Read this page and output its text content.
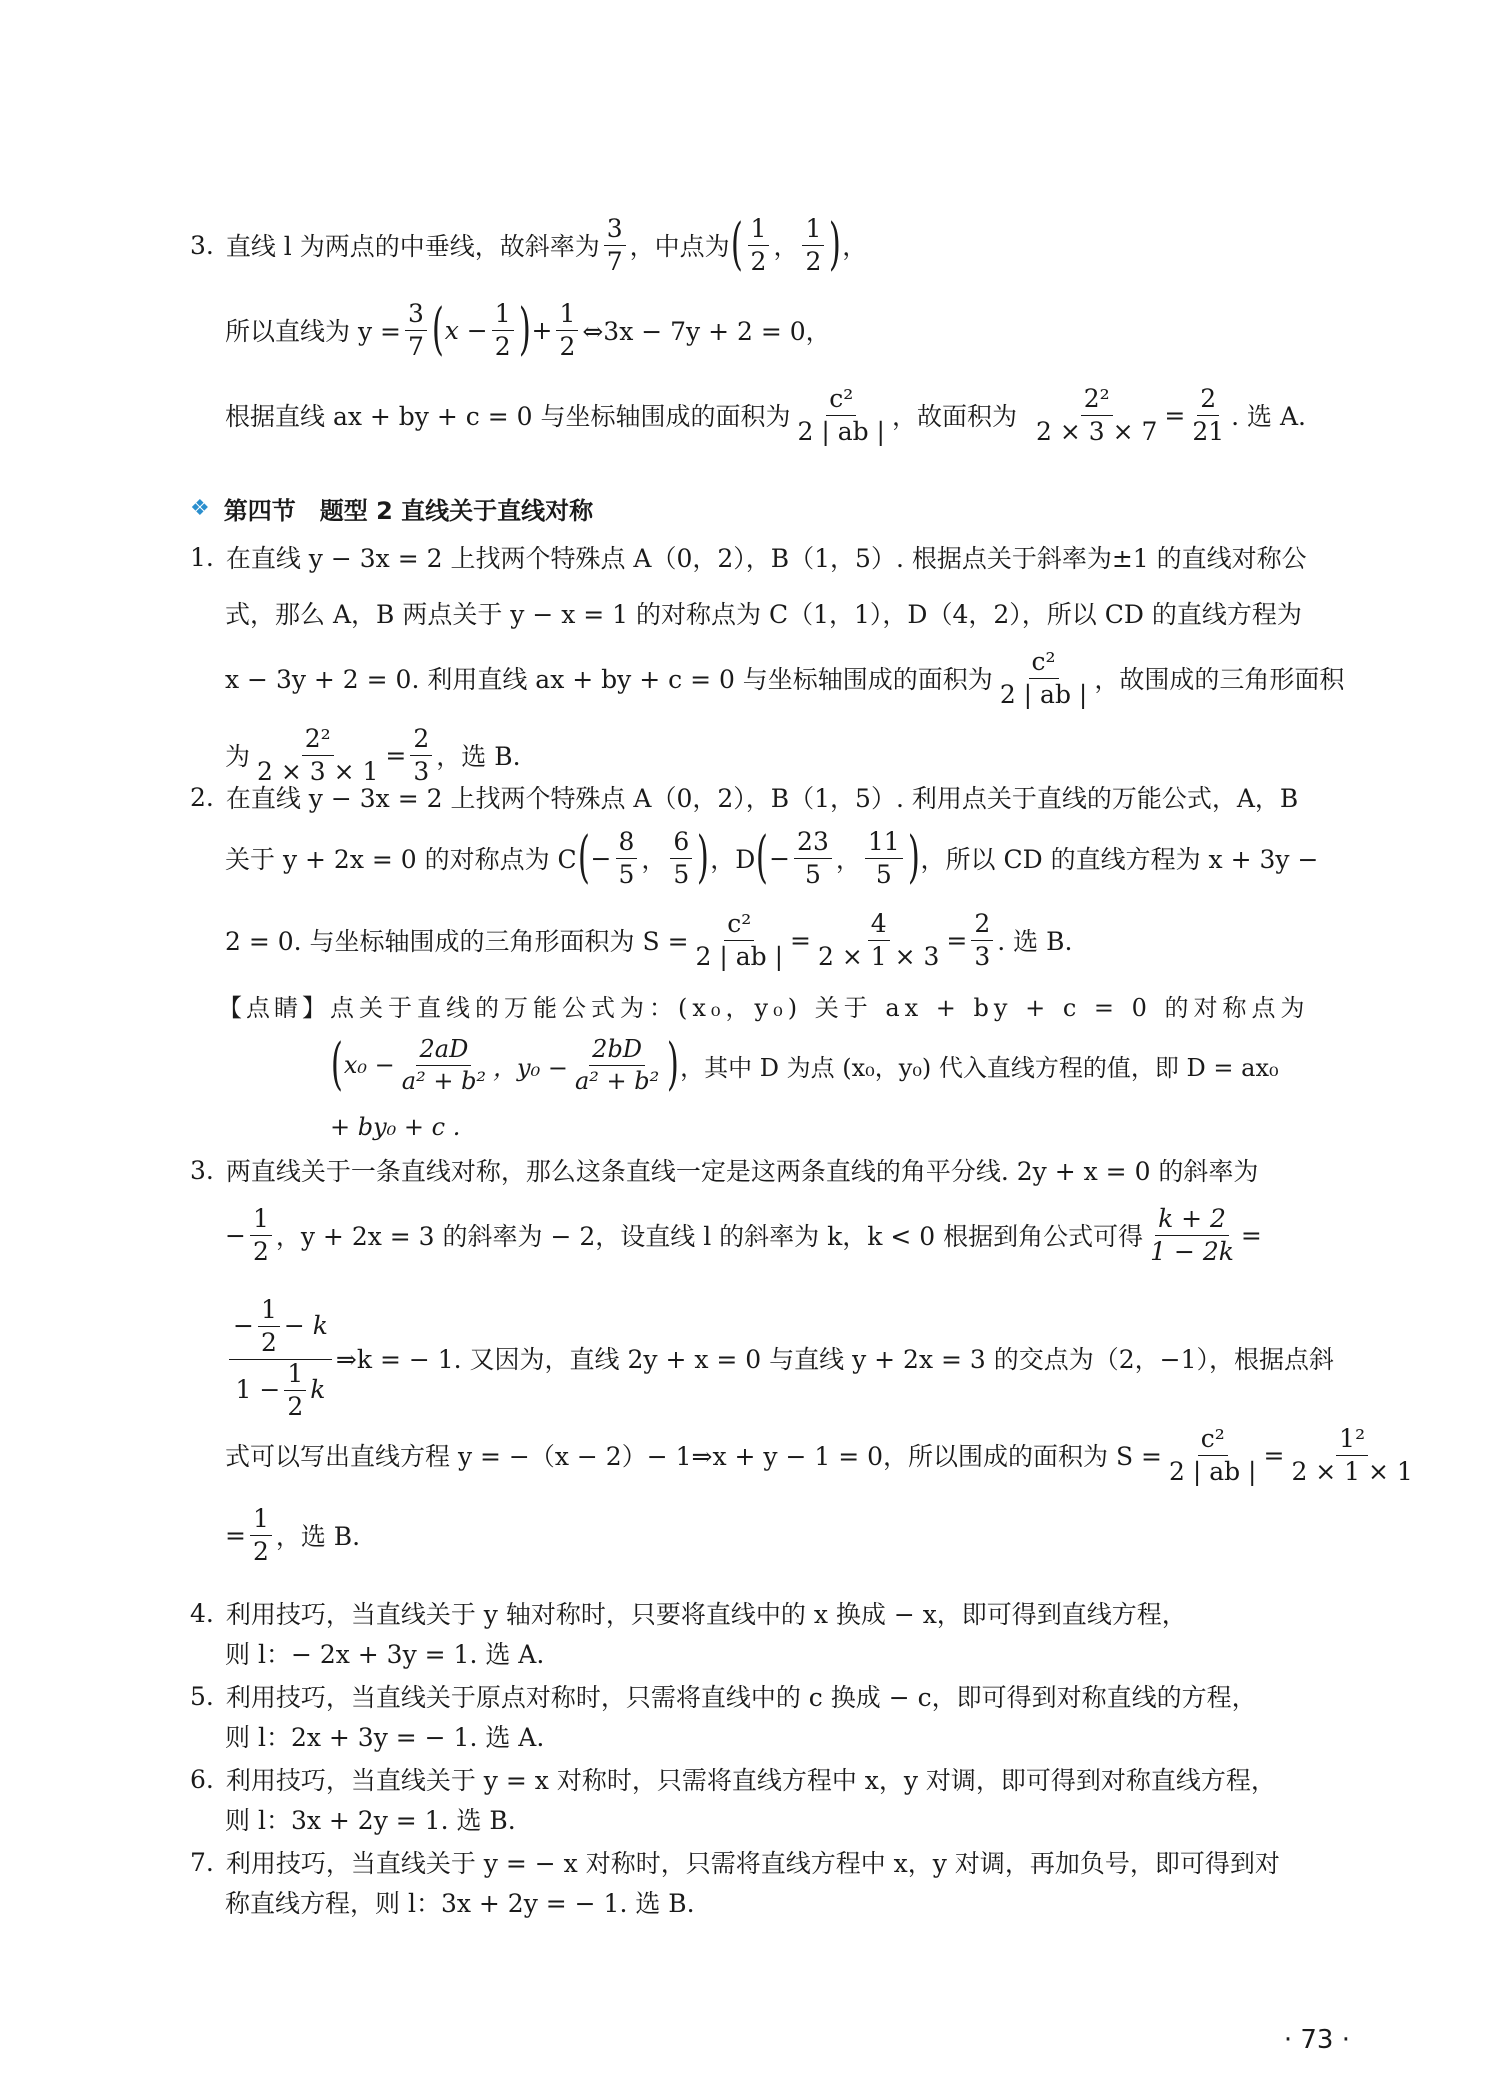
3. 直线 l 为两点的中垂线，故斜率为 $\frac{3}{7}$ ，中点为 ( $\frac{1}{2}$ ， $\frac{1}{2}$ ) ，
所以直线为 $y = \frac{3}{7}$ ( $x - \frac{1}{2}$ ) + $\frac{1}{2}$ ⇔3x − 7y + 2 = 0，
根据直线 ax + by + c = 0 与坐标轴围成的面积为 $\frac{\text{c²}}{2 | ab |}$ ，故面积为 $\frac{\text{2²}}{2 \times 3 \times 7} = \frac{2}{21}$ . 选 A.
❖ 第四节　题型 2 直线关于直线对称
1. 在直线 y − 3x = 2 上找两个特殊点 A（0，2），B（1，5）. 根据点关于斜率为±1 的直线对称公
式，那么 A，B 两点关于 y − x = 1 的对称点为 C（1，1），D（4，2），所以 CD 的直线方程为
x − 3y + 2 = 0. 利用直线 ax + by + c = 0 与坐标轴围成的面积为 $\frac{\text{c²}}{2 | ab |}$ ，故围成的三角形面积
为 $\frac{\text{2²}}{2 \times 3 \times 1} = \frac{2}{3}$ ，选 B.
2. 在直线 y − 3x = 2 上找两个特殊点 A（0，2），B（1，5）. 利用点关于直线的万能公式，A，B
关于 y + 2x = 0 的对称点为 C ( − $\frac{8}{5}$ ， $\frac{6}{5}$ ) ，D ( − $\frac{23}{5}$ ， $\frac{11}{5}$ ) ，所以 CD 的直线方程为 x + 3y −
2 = 0. 与坐标轴围成的三角形面积为 $S = \frac{\text{c²}}{2 | ab |} = \frac{4}{2 \times 1 \times 3} = \frac{2}{3}$ . 选 B.
【点睛】 点关于直线的万能公式为：(x₀，y₀) 关于 ax + by + c = 0 的对称点为
( $x_0 - \frac{2aD}{\text{a² + b²}}$ ，$y_0 - \frac{2bD}{\text{a² + b²}}$ ) ，其中 D 为点 (x₀，y₀) 代入直线方程的值，即 D = ax₀
+ by₀ + c .
3. 两直线关于一条直线对称，那么这条直线一定是这两条直线的角平分线. 2y + x = 0 的斜率为
− $\frac{1}{2}$ ，y + 2x = 3 的斜率为 − 2，设直线 l 的斜率为 k，k < 0 根据到角公式可得 $\frac{k + 2}{1 - 2k}$ =
− $\frac{1}{2} - k$
$1 - \frac{1}{2}$ k
⇒k = − 1. 又因为，直线 2y + x = 0 与直线 y + 2x = 3 的交点为（2，−1），根据点斜
式可以写出直线方程 y = −（x − 2）− 1⇒x + y − 1 = 0，所以围成的面积为 $S = \frac{\text{c²}}{2 | ab |} = \frac{\text{1²}}{2 \times 1 \times 1}$
= $\frac{1}{2}$ ，选 B.
4. 利用技巧，当直线关于 y 轴对称时，只要将直线中的 x 换成 − x，即可得到直线方程，
则 l：− 2x + 3y = 1. 选 A.
5. 利用技巧，当直线关于原点对称时，只需将直线中的 c 换成 − c，即可得到对称直线的方程，
则 l：2x + 3y = − 1. 选 A.
6. 利用技巧，当直线关于 y = x 对称时，只需将直线方程中 x，y 对调，即可得到对称直线方程，
则 l：3x + 2y = 1. 选 B.
7. 利用技巧，当直线关于 y = − x 对称时，只需将直线方程中 x，y 对调，再加负号，即可得到对
称直线方程，则 l：3x + 2y = − 1. 选 B.
· 73 ·
